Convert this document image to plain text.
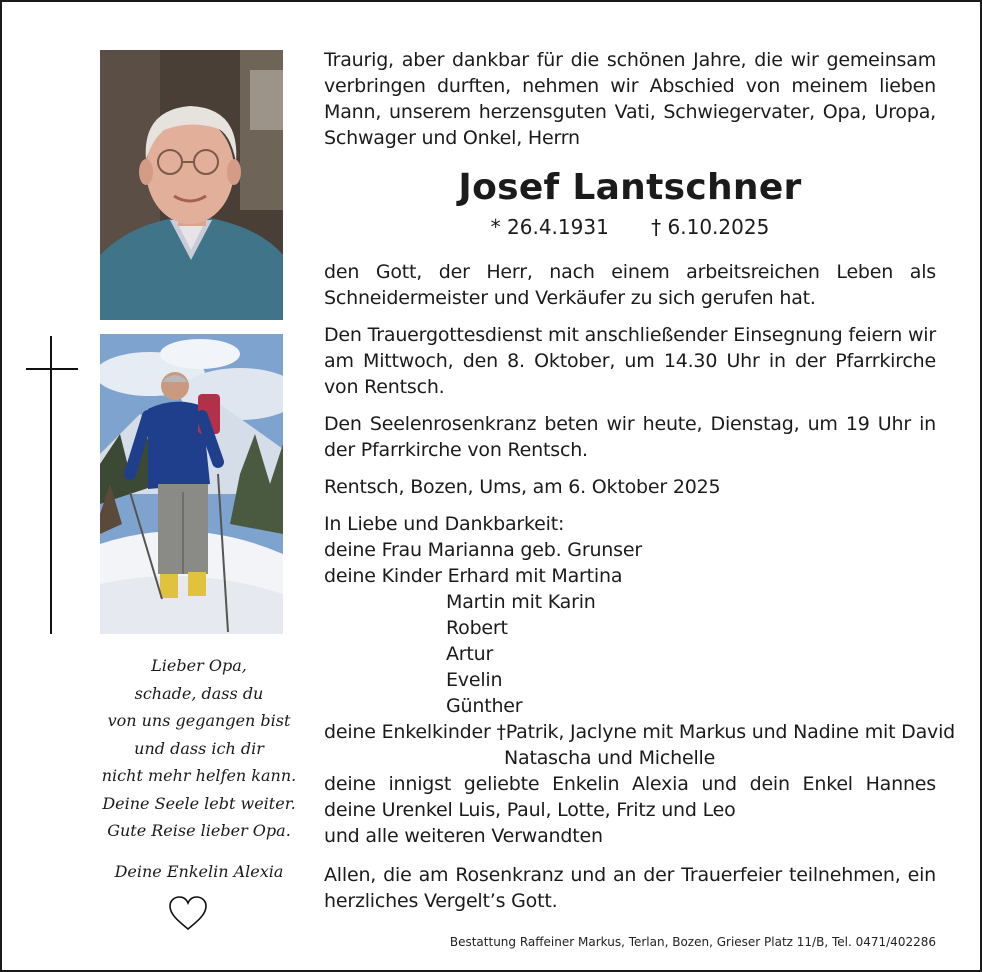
Traurig, aber dankbar für die schönen Jahre, die wir gemeinsam verbringen durften, nehmen wir Abschied von meinem lieben Mann, unserem herzensguten Vati, Schwiegervater, Opa, Uropa, Schwager und Onkel, Herrn
Josef Lantschner
* 26.4.1931 † 6.10.2025
den Gott, der Herr, nach einem arbeitsreichen Leben als Schneidermeister und Verkäufer zu sich gerufen hat.
Den Trauergottesdienst mit anschließender Einsegnung feiern wir am Mittwoch, den 8. Oktober, um 14.30 Uhr in der Pfarrkirche von Rentsch.
Den Seelenrosenkranz beten wir heute, Dienstag, um 19 Uhr in der Pfarrkirche von Rentsch.
Rentsch, Bozen, Ums, am 6. Oktober 2025
In Liebe und Dankbarkeit:
deine Frau Marianna geb. Grunser
deine Kinder Erhard mit Martina
Martin mit Karin
Robert
Artur
Evelin
Günther
deine Enkelkinder †Patrik, Jaclyne mit Markus und Nadine mit David
Natascha und Michelle
deine innigst geliebte Enkelin Alexia und dein Enkel Hannes
deine Urenkel Luis, Paul, Lotte, Fritz und Leo
und alle weiteren Verwandten
Allen, die am Rosenkranz und an der Trauerfeier teilnehmen, ein herzliches Vergelt’s Gott.
Bestattung Raffeiner Markus, Terlan, Bozen, Grieser Platz 11/B, Tel. 0471/402286
Lieber Opa,
schade, dass du
von uns gegangen bist
und dass ich dir
nicht mehr helfen kann.
Deine Seele lebt weiter.
Gute Reise lieber Opa.
Deine Enkelin Alexia
